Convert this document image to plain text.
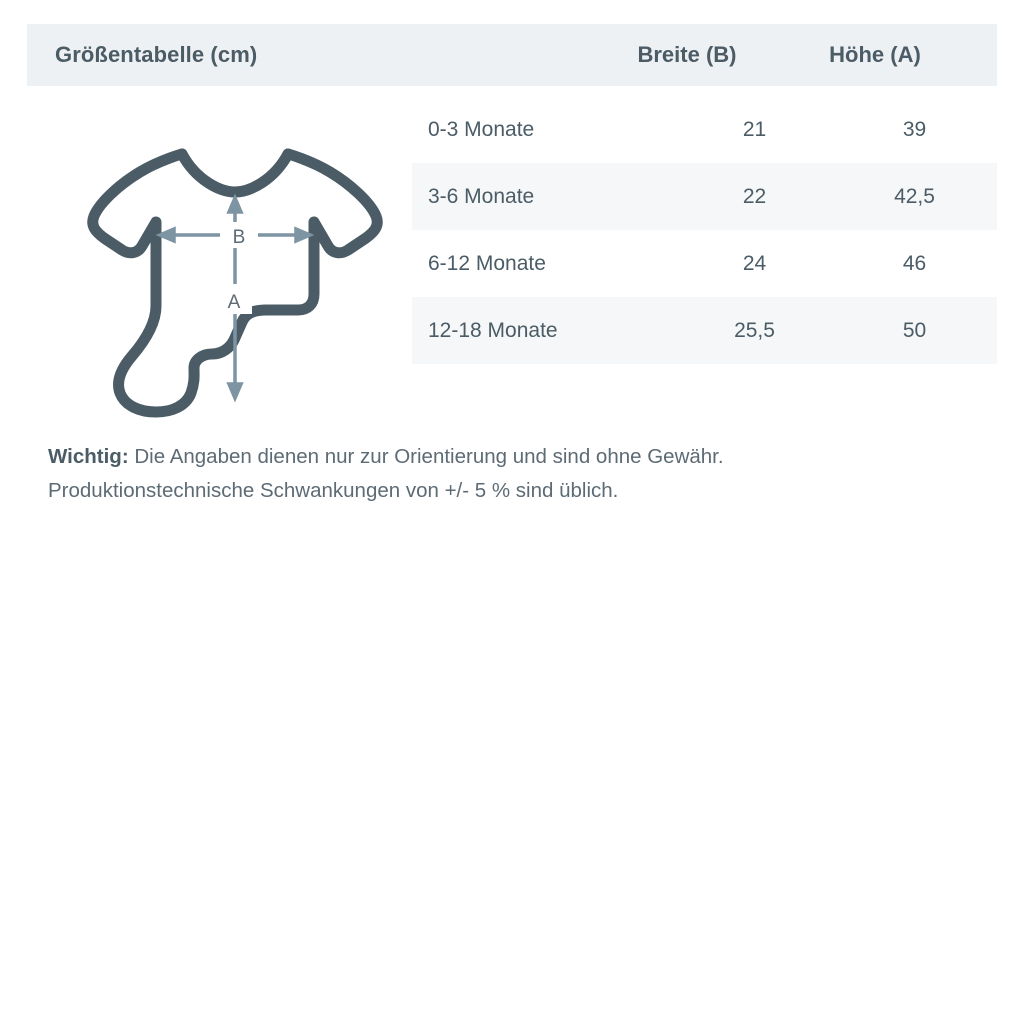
Größentabelle (cm)	Breite (B)	Höhe (A)
B
A
0-3 Monate	21	39
3-6 Monate	22	42,5
6-12 Monate	24	46
12-18 Monate	25,5	50
Wichtig: Die Angaben dienen nur zur Orientierung und sind ohne Gewähr.
Produktionstechnische Schwankungen von +/- 5 % sind üblich.
